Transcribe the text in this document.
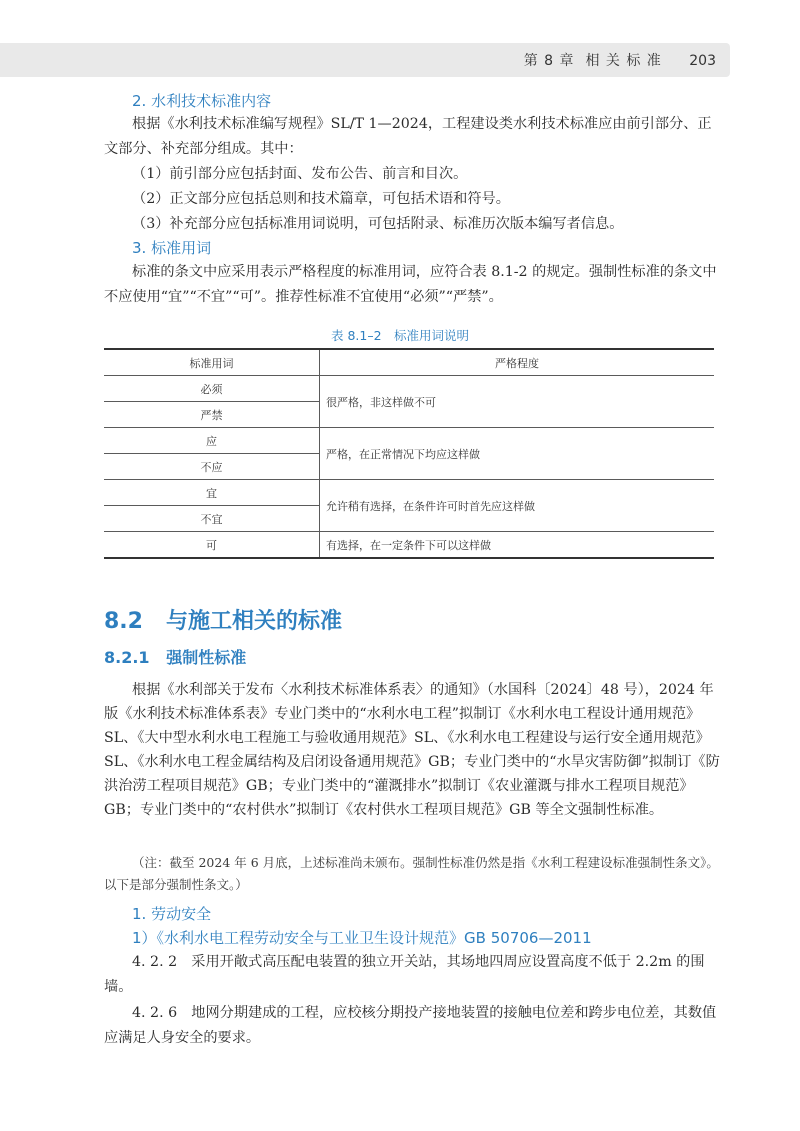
第 8 章 相 关 标 准 203
2. 水利技术标准内容
根据《水利技术标准编写规程》SL/T 1—2024，工程建设类水利技术标准应由前引部分、正文部分、补充部分组成。其中：
（1）前引部分应包括封面、发布公告、前言和目次。
（2）正文部分应包括总则和技术篇章，可包括术语和符号。
（3）补充部分应包括标准用词说明，可包括附录、标准历次版本编写者信息。
3. 标准用词
标准的条文中应采用表示严格程度的标准用词，应符合表 8.1-2 的规定。强制性标准的条文中不应使用“宜”“不宜”“可”。推荐性标准不宜使用“必须”“严禁”。
表 8.1–2　标准用词说明
标准用词	严格程度
必须	很严格，非这样做不可
严禁	
应	严格，在正常情况下均应这样做
不应	
宜	允许稍有选择，在条件许可时首先应这样做
不宜	
可	有选择，在一定条件下可以这样做
8.2 与施工相关的标准
8.2.1 强制性标准
根据《水利部关于发布〈水利技术标准体系表〉的通知》（水国科〔2024〕48 号），2024 年版《水利技术标准体系表》专业门类中的“水利水电工程”拟制订《水利水电工程设计通用规范》SL、《大中型水利水电工程施工与验收通用规范》SL、《水利水电工程建设与运行安全通用规范》SL、《水利水电工程金属结构及启闭设备通用规范》GB；专业门类中的“水旱灾害防御”拟制订《防洪治涝工程项目规范》GB；专业门类中的“灌溉排水”拟制订《农业灌溉与排水工程项目规范》GB；专业门类中的“农村供水”拟制订《农村供水工程项目规范》GB 等全文强制性标准。
（注：截至 2024 年 6 月底，上述标准尚未颁布。强制性标准仍然是指《水利工程建设标准强制性条文》。以下是部分强制性条文。）
1. 劳动安全
1）《水利水电工程劳动安全与工业卫生设计规范》GB 50706—2011
4. 2. 2　采用开敞式高压配电装置的独立开关站，其场地四周应设置高度不低于 2.2m 的围墙。
4. 2. 6　地网分期建成的工程，应校核分期投产接地装置的接触电位差和跨步电位差，其数值应满足人身安全的要求。
